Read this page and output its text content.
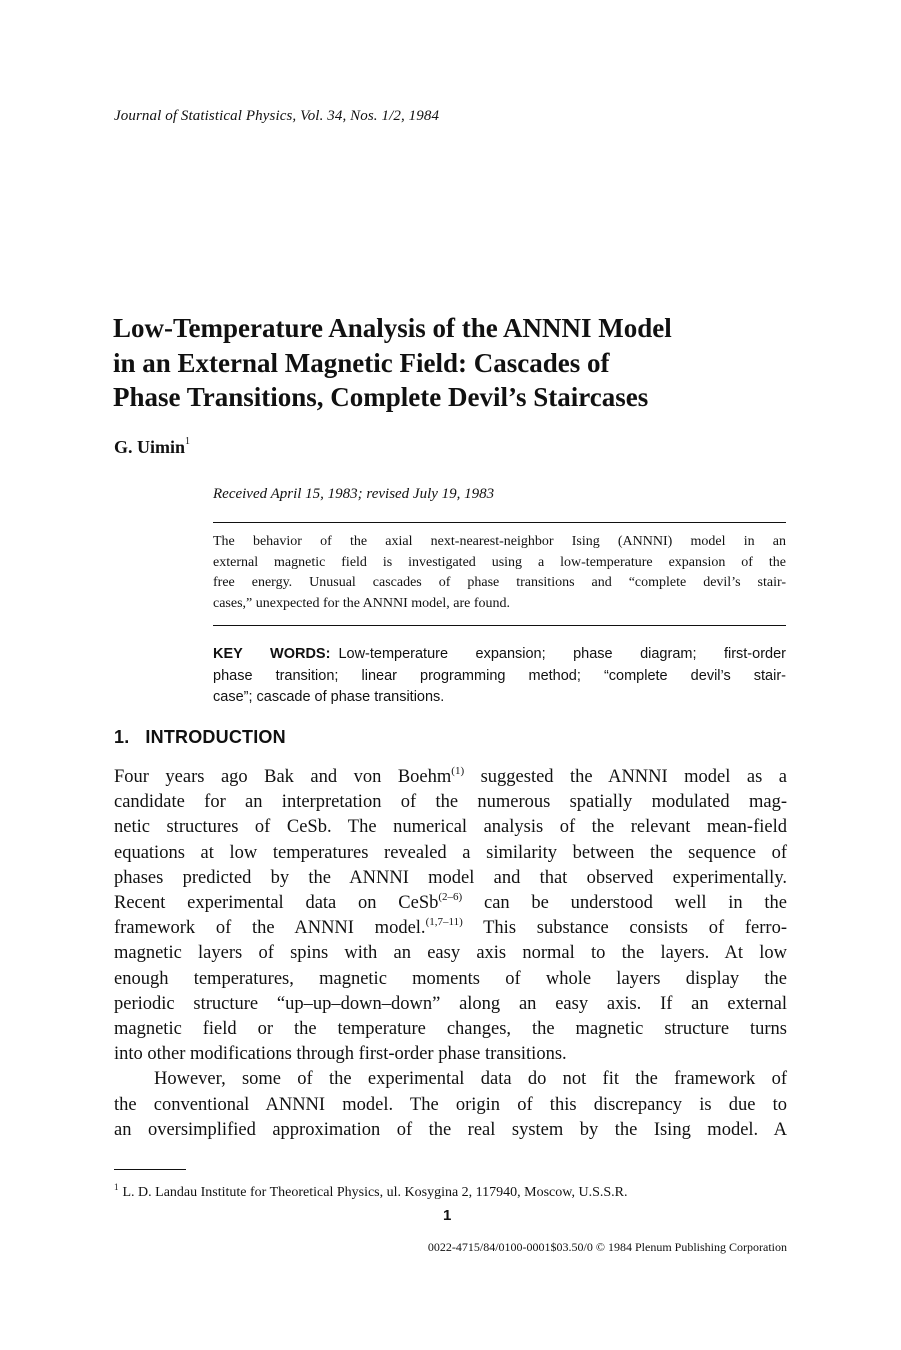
Journal of Statistical Physics, Vol. 34, Nos. 1/2, 1984
Low-Temperature Analysis of the ANNNI Model
in an External Magnetic Field: Cascades of
Phase Transitions, Complete Devil’s Staircases
G. Uimin$^1$
Received April 15, 1983; revised July 19, 1983
The behavior of the axial next-nearest-neighbor Ising (ANNNI) model in an
external magnetic field is investigated using a low-temperature expansion of the
free energy. Unusual cascades of phase transitions and “complete devil’s stair-
cases,” unexpected for the ANNNI model, are found.
KEY WORDS: Low-temperature expansion; phase diagram; first-order
phase transition; linear programming method; “complete devil’s stair-
case”; cascade of phase transitions.
1. INTRODUCTION
Four years ago Bak and von Boehm$^{(1)}$ suggested the ANNNI model as a
candidate for an interpretation of the numerous spatially modulated mag-
netic structures of CeSb. The numerical analysis of the relevant mean-field
equations at low temperatures revealed a similarity between the sequence of
phases predicted by the ANNNI model and that observed experimentally.
Recent experimental data on CeSb$^{(2-6)}$ can be understood well in the
framework of the ANNNI model.$^{(1,7-11)}$ This substance consists of ferro-
magnetic layers of spins with an easy axis normal to the layers. At low
enough temperatures, magnetic moments of whole layers display the
periodic structure “up–up–down–down” along an easy axis. If an external
magnetic field or the temperature changes, the magnetic structure turns
into other modifications through first-order phase transitions.
However, some of the experimental data do not fit the framework of
the conventional ANNNI model. The origin of this discrepancy is due to
an oversimplified approximation of the real system by the Ising model. A
$^1$ L. D. Landau Institute for Theoretical Physics, ul. Kosygina 2, 117940, Moscow, U.S.S.R.
1
0022-4715/84/0100-0001$03.50/0 © 1984 Plenum Publishing Corporation
